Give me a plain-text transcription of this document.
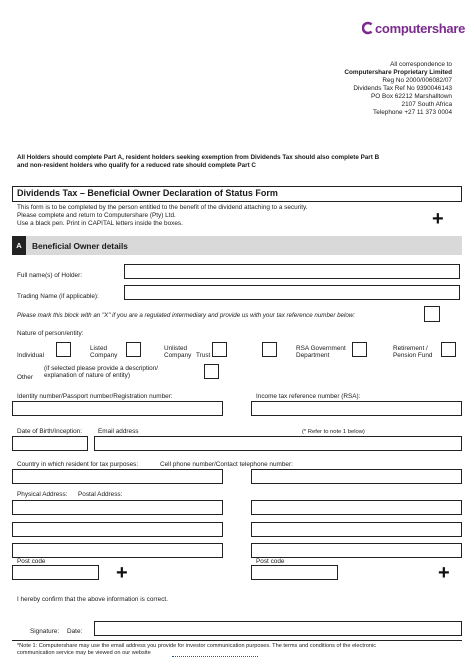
computershare
All correspondence to
Computershare Proprietary Limited
Reg No 2000/006082/07
Dividends Tax Ref No 9390046143
PO Box 62212 Marshalltown
2107 South Africa
Telephone +27 11 373 0004
All Holders should complete Part A, resident holders seeking exemption from Dividends Tax should also complete Part B
and non-resident holders who qualify for a reduced rate should complete Part C
Dividends Tax – Beneficial Owner Declaration of Status Form
This form is to be completed by the person entitled to the benefit of the dividend attaching to a security.
Please complete and return to Computershare (Pty) Ltd.
Use a black pen. Print in CAPITAL letters inside the boxes.	+
A	Beneficial Owner details
Full name(s) of Holder:
Trading Name (if applicable):
Please mark this block with an "X" if you are a regulated intermediary and provide us with your tax reference number below:
Nature of person/entity:
Individual
Listed
Company
Unlisted
Company Trust
RSA Government
Department
Retirement /
Pension Fund
Other
(if selected please provide a description/
explanation of nature of entity)
Identity number/Passport number/Registration number:	Income tax reference number (RSA):
Date of Birth/Inception: Email address	(* Refer to note 1 below)
Country in which resident for tax purposes:	Cell phone number/Contact telephone number:
Physical Address: Postal Address:
Post code
+
Post code
+
I hereby confirm that the above information is correct.
Signature: Date:
*Note 1: Computershare may use the email address you provide for investor communication purposes. The terms and conditions of the electronic
communication service may be viewed on our website
